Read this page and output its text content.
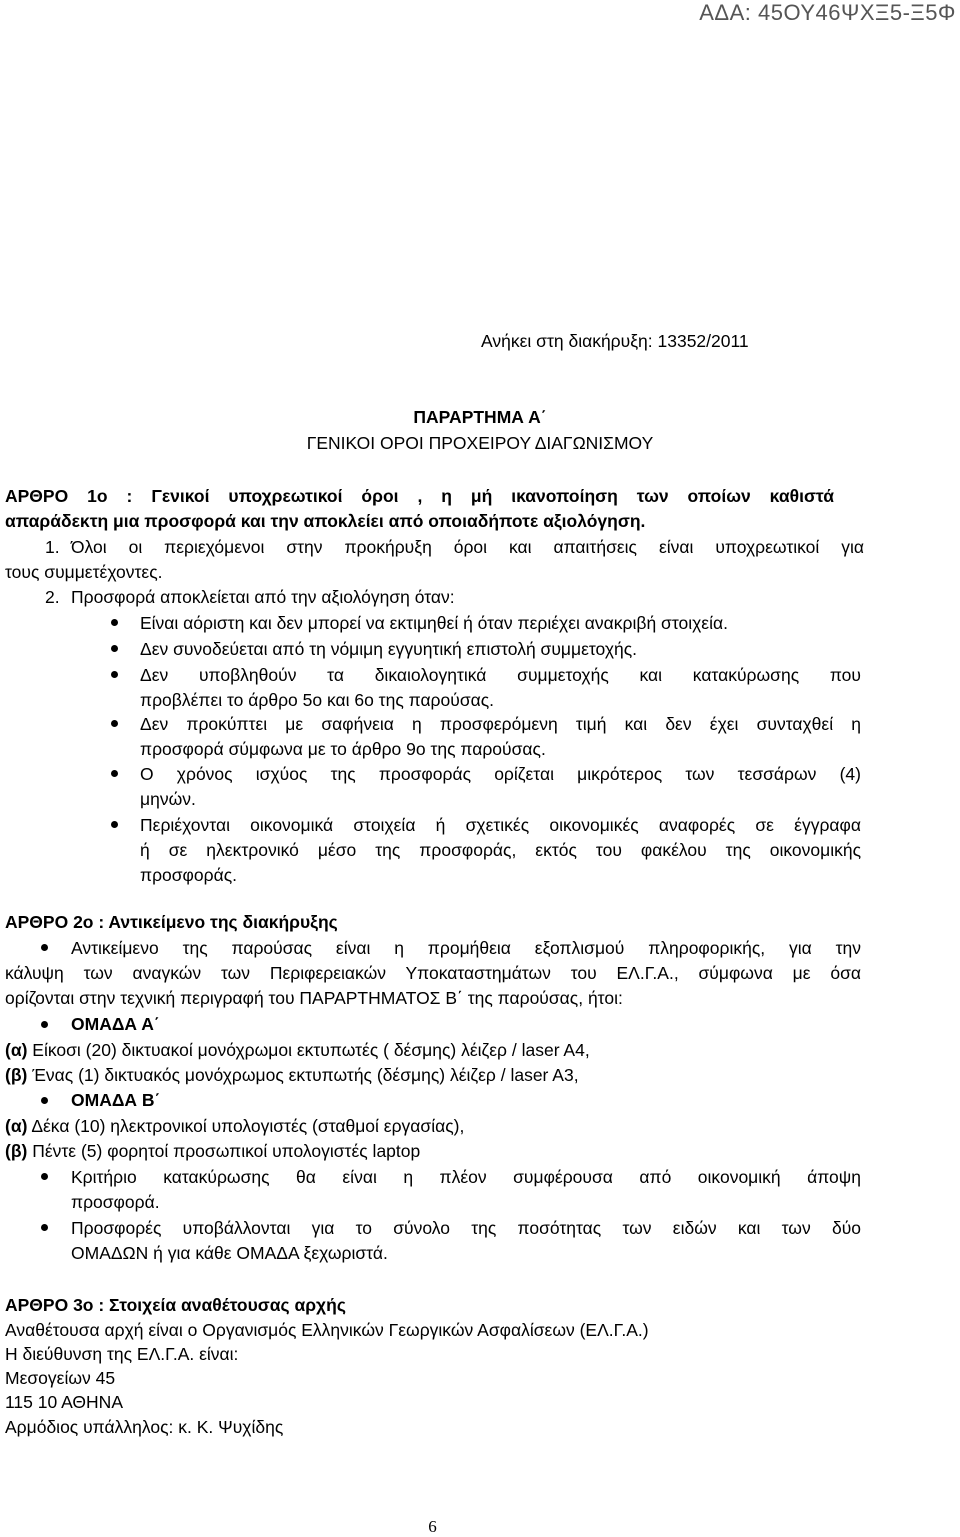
ΑΔΑ: 45ΟΥ46ΨΧΞ5-Ξ5Φ
Ανήκει στη διακήρυξη: 13352/2011
ΠΑΡΑΡΤΗΜΑ Α΄
ΓΕΝΙΚΟΙ ΟΡΟΙ ΠΡΟΧΕΙΡΟΥ ΔΙΑΓΩΝΙΣΜΟΥ
ΑΡΘΡΟ 1ο : Γενικοί υποχρεωτικοί όροι , η μή ικανοποίηση των οποίων καθιστά
απαράδεκτη μια προσφορά και την αποκλείει από οποιαδήποτε αξιολόγηση.
1. Όλοι οι περιεχόμενοι στην προκήρυξη όροι και απαιτήσεις είναι υποχρεωτικοί για
τους συμμετέχοντες.
2. Προσφορά αποκλείεται από την αξιολόγηση όταν:
Είναι αόριστη και δεν μπορεί να εκτιμηθεί ή όταν περιέχει ανακριβή στοιχεία.
Δεν συνοδεύεται από τη νόμιμη εγγυητική επιστολή συμμετοχής.
Δεν υποβληθούν τα δικαιολογητικά συμμετοχής και κατακύρωσης που
προβλέπει το άρθρο 5ο και 6ο της παρούσας.
Δεν προκύπτει με σαφήνεια η προσφερόμενη τιμή και δεν έχει συνταχθεί η
προσφορά σύμφωνα με το άρθρο 9ο της παρούσας.
Ο χρόνος ισχύος της προσφοράς ορίζεται μικρότερος των τεσσάρων (4)
μηνών.
Περιέχονται οικονομικά στοιχεία ή σχετικές οικονομικές αναφορές σε έγγραφα
ή σε ηλεκτρονικό μέσο της προσφοράς, εκτός του φακέλου της οικονομικής
προσφοράς.
ΑΡΘΡΟ 2ο : Αντικείμενο της διακήρυξης
Αντικείμενο της παρούσας είναι η προμήθεια εξοπλισμού πληροφορικής, για την
κάλυψη των αναγκών των Περιφερειακών Υποκαταστημάτων του ΕΛ.Γ.Α., σύμφωνα με όσα
ορίζονται στην τεχνική περιγραφή του ΠΑΡΑΡΤΗΜΑΤΟΣ Β΄ της παρούσας, ήτοι:
ΟΜΑΔΑ Α΄
(α) Είκοσι (20) δικτυακοί μονόχρωμοι εκτυπωτές ( δέσμης) λέιζερ / laser A4,
(β) Ένας (1) δικτυακός μονόχρωμος εκτυπωτής (δέσμης) λέιζερ / laser A3,
ΟΜΑΔΑ Β΄
(α) Δέκα (10) ηλεκτρονικοί υπολογιστές (σταθμοί εργασίας),
(β) Πέντε (5) φορητοί προσωπικοί υπολογιστές laptop
Κριτήριο κατακύρωσης θα είναι η πλέον συμφέρουσα από οικονομική άποψη
προσφορά.
Προσφορές υποβάλλονται για το σύνολο της ποσότητας των ειδών και των δύο
ΟΜΑΔΩΝ ή για κάθε ΟΜΑΔΑ ξεχωριστά.
ΑΡΘΡΟ 3ο : Στοιχεία αναθέτουσας αρχής
Αναθέτουσα αρχή είναι ο Οργανισμός Ελληνικών Γεωργικών Ασφαλίσεων (ΕΛ.Γ.Α.)
Η διεύθυνση της ΕΛ.Γ.Α. είναι:
Μεσογείων 45
115 10 ΑΘΗΝΑ
Αρμόδιος υπάλληλος: κ. Κ. Ψυχίδης
6
